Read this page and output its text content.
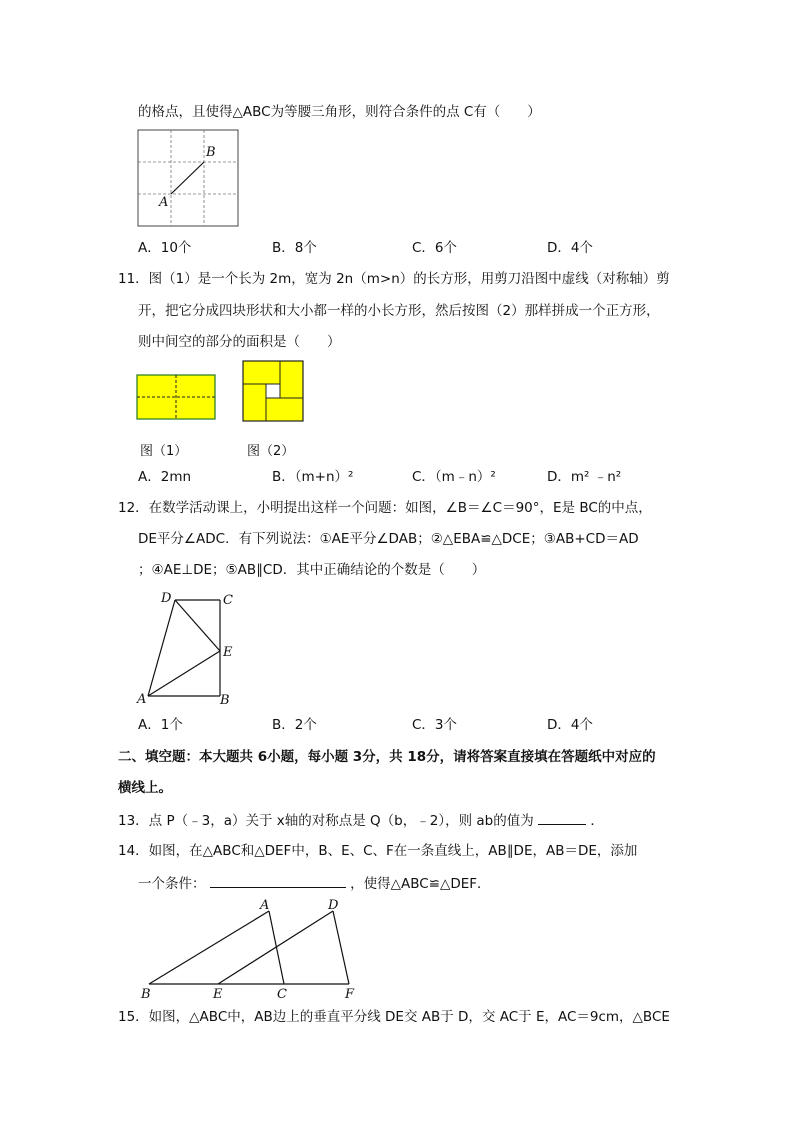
的格点，且使得△ABC为等腰三角形，则符合条件的点 C有（　　）
A
B
A．10个	B．8个	C．6个	D．4个
11．图（1）是一个长为 2m，宽为 2n（m>n）的长方形，用剪刀沿图中虚线（对称轴）剪
开，把它分成四块形状和大小都一样的小长方形，然后按图（2）那样拼成一个正方形，
则中间空的部分的面积是（　　）
图（1）	图（2）
A．2mn	B．（m+n）²	C．（m﹣n）²	D．m² ﹣n²
12．在数学活动课上，小明提出这样一个问题：如图，∠B＝∠C＝90°，E是 BC的中点，
DE平分∠ADC．有下列说法：①AE平分∠DAB；②△EBA≌△DCE；③AB+CD＝AD
；④AE⊥DE；⑤AB∥CD．其中正确结论的个数是（　　）
D	C
E
A	B
A．1个	B．2个	C．3个	D．4个
二、填空题：本大题共 6小题，每小题 3分，共 18分，请将答案直接填在答题纸中对应的
横线上。
13．点 P（﹣3，a）关于 x轴的对称点是 Q（b，﹣2），则 ab的值为	．
14．如图，在△ABC和△DEF中，B、E、C、F在一条直线上，AB∥DE，AB＝DE，添加
一个条件：	，使得△ABC≌△DEF．
A	D
B	E	C	F
15．如图，△ABC中，AB边上的垂直平分线 DE交 AB于 D，交 AC于 E，AC＝9cm，△BCE
